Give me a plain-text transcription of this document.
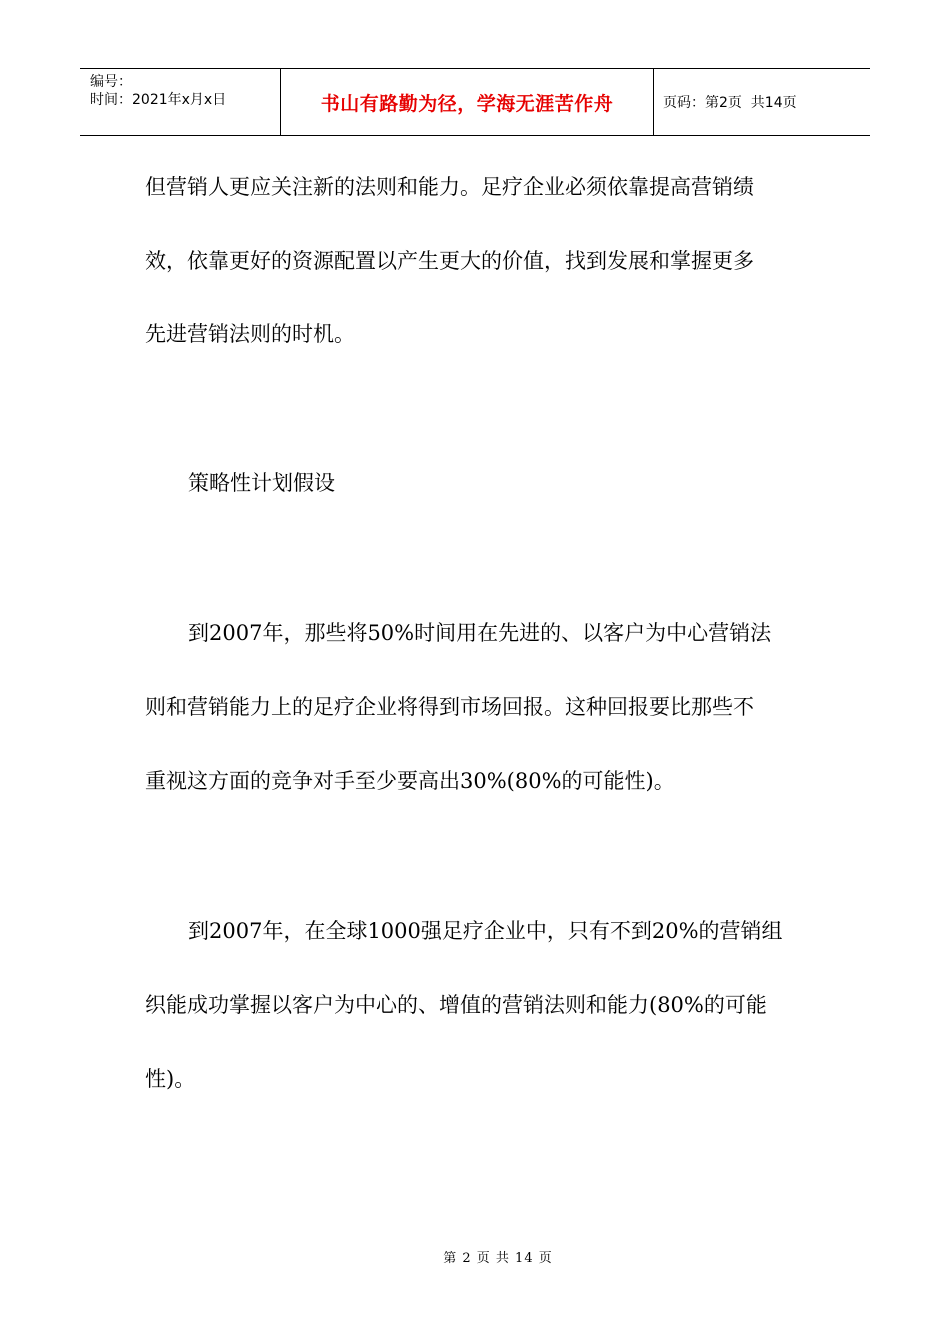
编号：
时间：2021年x月x日	书山有路勤为径，学海无涯苦作舟	页码：第2页  共14页
但营销人更应关注新的法则和能力。足疗企业必须依靠提高营销绩
效，依靠更好的资源配置以产生更大的价值，找到发展和掌握更多
先进营销法则的时机。
策略性计划假设
到2007年，那些将50%时间用在先进的、以客户为中心营销法
则和营销能力上的足疗企业将得到市场回报。这种回报要比那些不
重视这方面的竞争对手至少要高出30%(80%的可能性)。
到2007年，在全球1000强足疗企业中，只有不到20%的营销组
织能成功掌握以客户为中心的、增值的营销法则和能力(80%的可能
性)。
第 2 页 共 14 页
